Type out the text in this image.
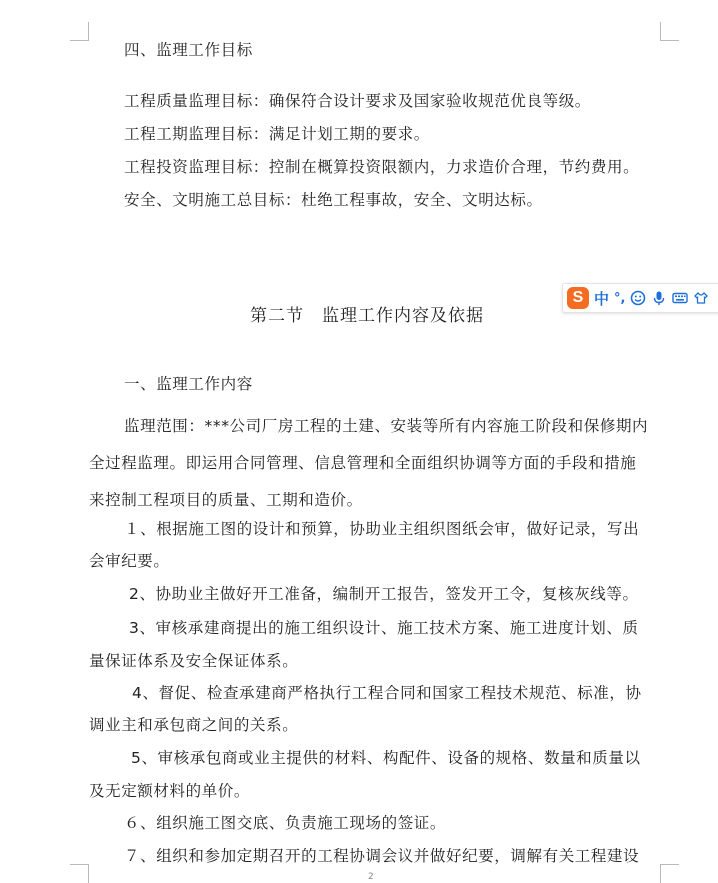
四、监理工作目标
工程质量监理目标：确保符合设计要求及国家验收规范优良等级。
工程工期监理目标：满足计划工期的要求。
工程投资监理目标：控制在概算投资限额内，力求造价合理，节约费用。
安全、文明施工总目标：杜绝工程事故，安全、文明达标。
第二节　监理工作内容及依据
一、监理工作内容
监理范围：***公司厂房工程的土建、安装等所有内容施工阶段和保修期内
全过程监理。即运用合同管理、信息管理和全面组织协调等方面的手段和措施
来控制工程项目的质量、工期和造价。
１、根据施工图的设计和预算，协助业主组织图纸会审，做好记录，写出
会审纪要。
2、协助业主做好开工准备，编制开工报告，签发开工令，复核灰线等。
3、审核承建商提出的施工组织设计、施工技术方案、施工进度计划、质
量保证体系及安全保证体系。
4、督促、检查承建商严格执行工程合同和国家工程技术规范、标准，协
调业主和承包商之间的关系。
5、审核承包商或业主提供的材料、构配件、设备的规格、数量和质量以
及无定额材料的单价。
６、组织施工图交底、负责施工现场的签证。
７、组织和参加定期召开的工程协调会议并做好纪要，调解有关工程建设
2
S 中 °,
